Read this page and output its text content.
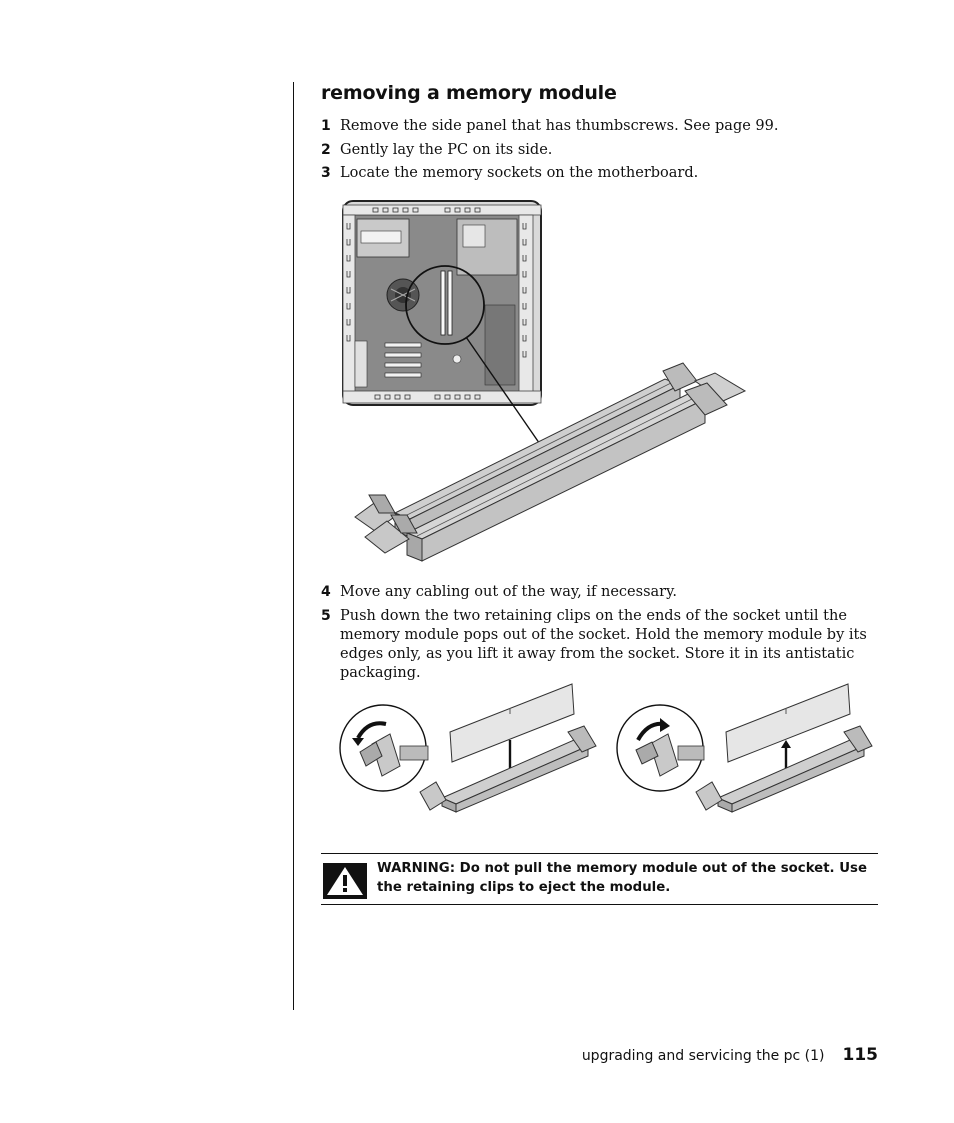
removing a memory module
1 Remove the side panel that has thumbscrews. See page 99.
2 Gently lay the PC on its side.
3 Locate the memory sockets on the motherboard.
4 Move any cabling out of the way, if necessary.
5 Push down the two retaining clips on the ends of the socket until the memory module pops out of the socket. Hold the memory module by its edges only, as you lift it away from the socket. Store it in its antistatic packaging.
WARNING: Do not pull the memory module out of the socket. Use the retaining clips to eject the module.
upgrading and servicing the pc (1) 115
